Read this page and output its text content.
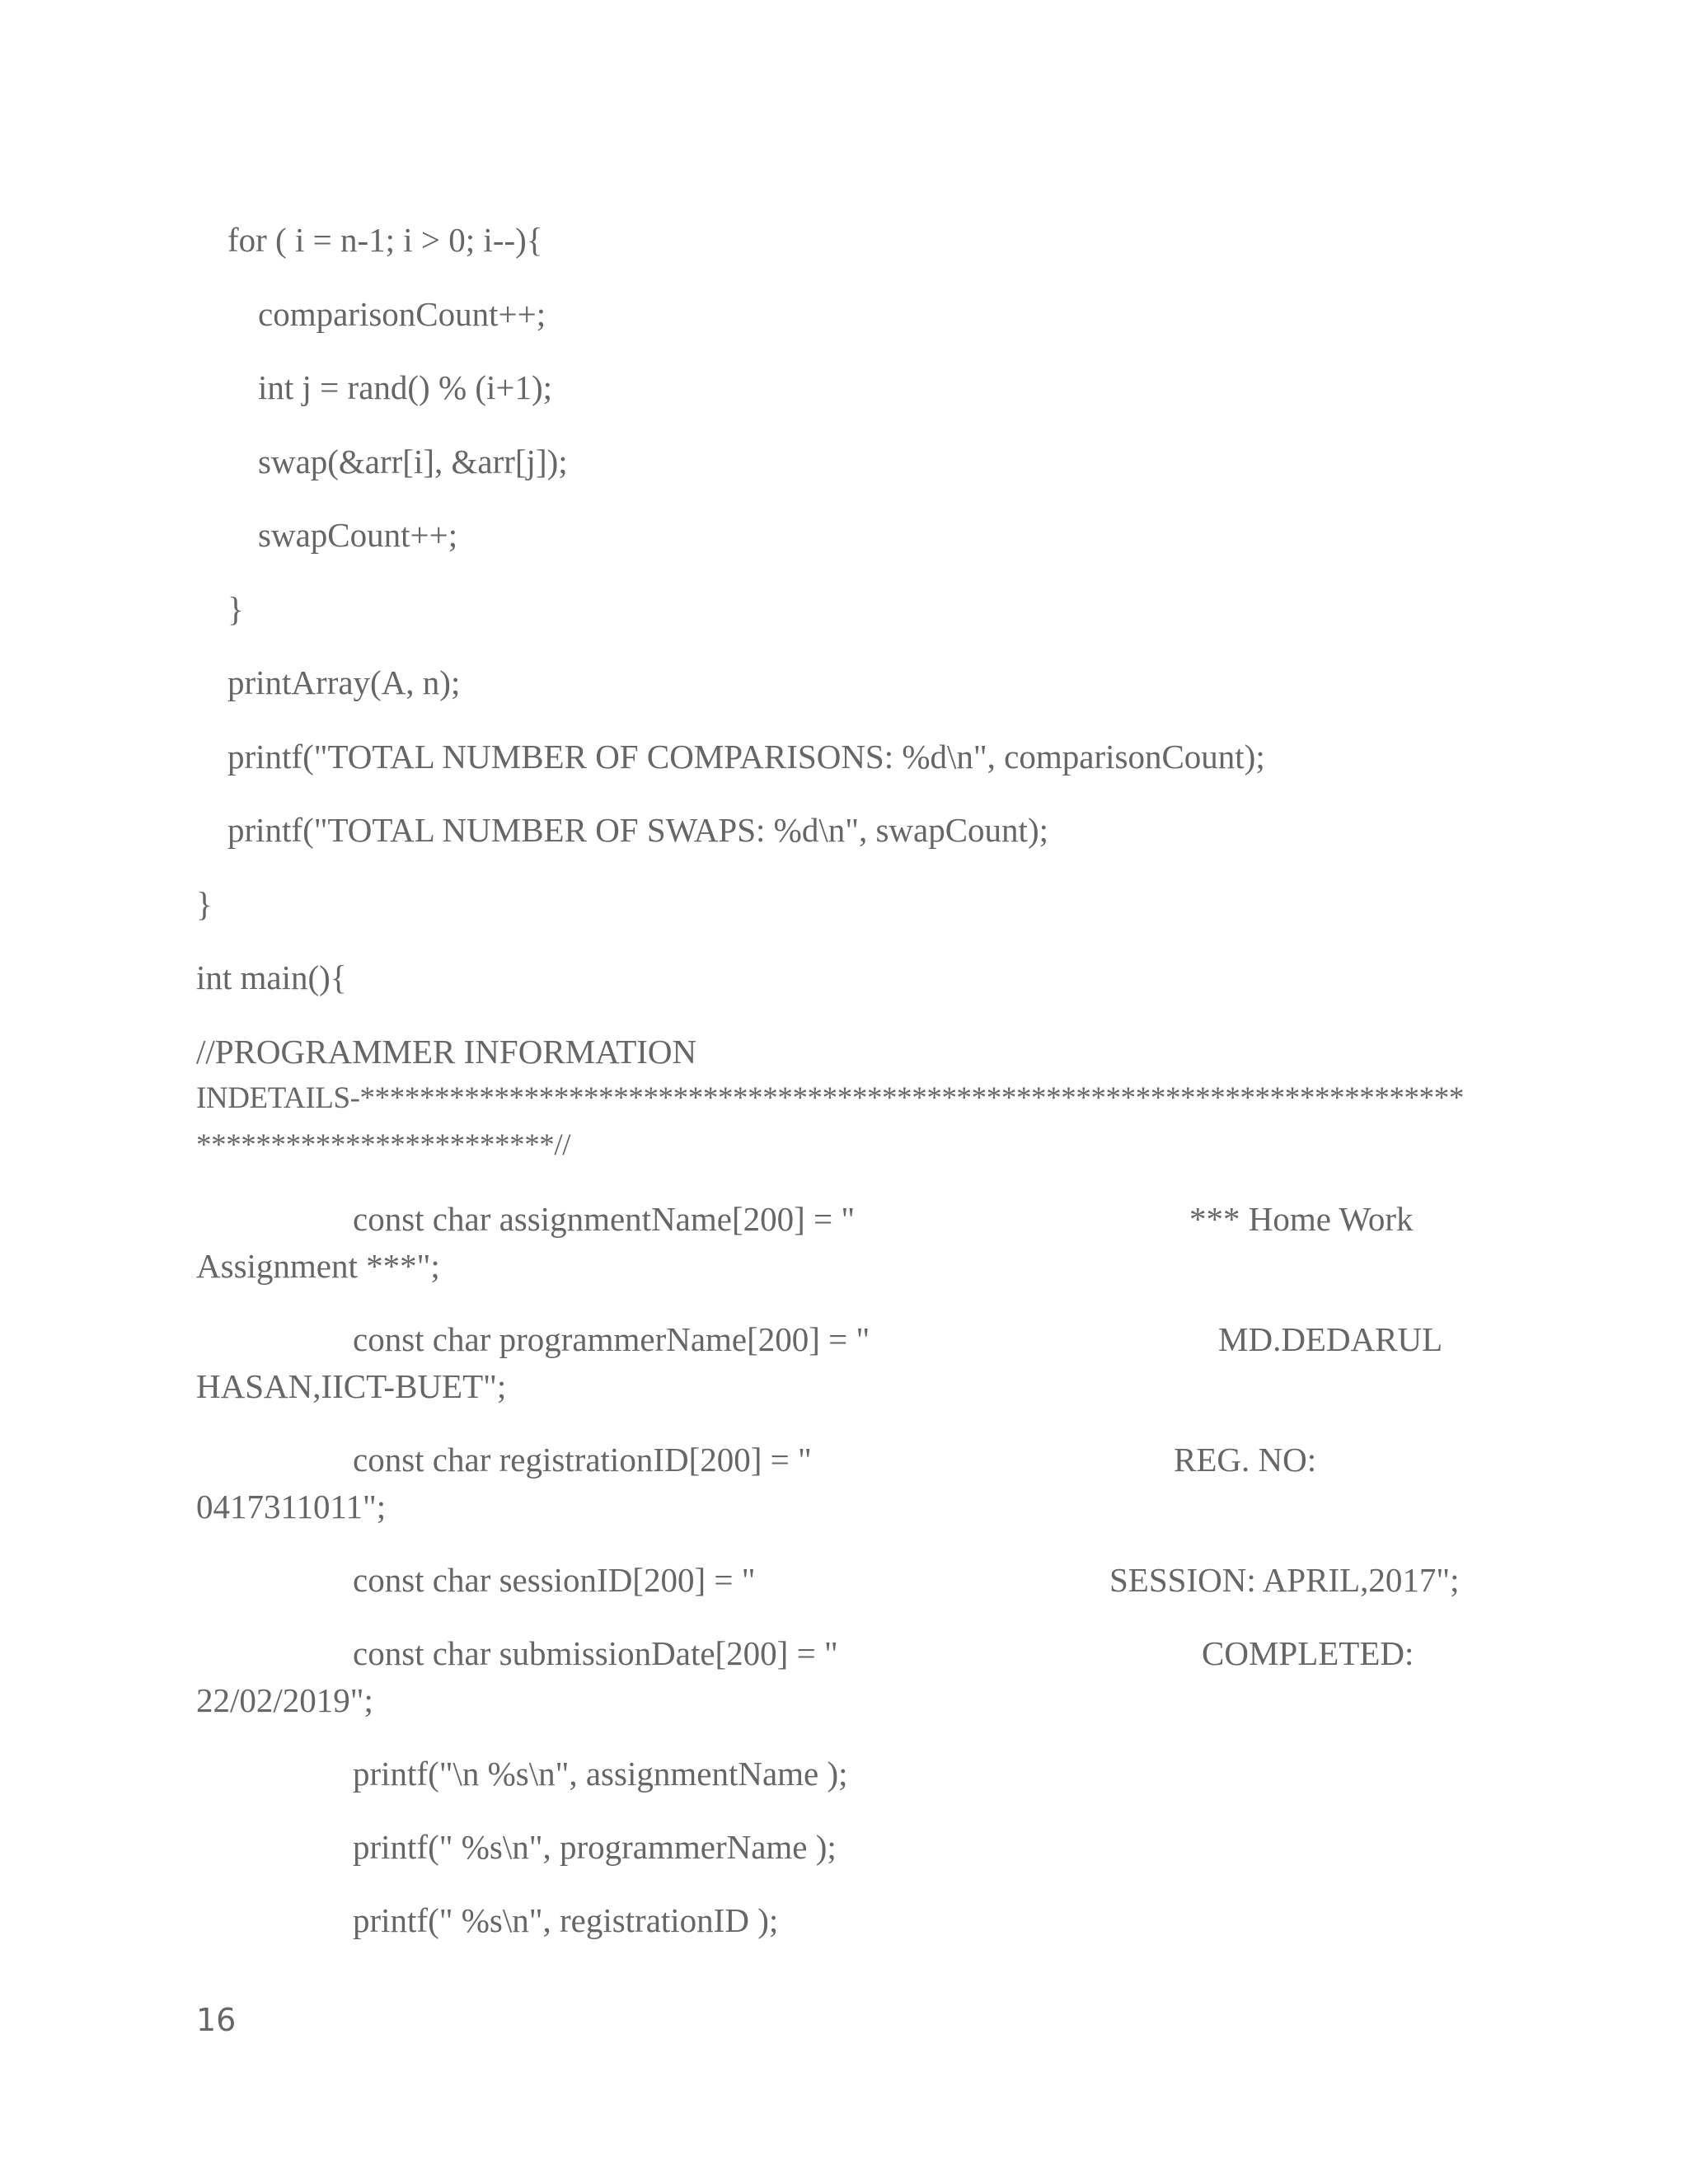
for ( i = n-1; i > 0; i--){

comparisonCount++;

int j = rand() % (i+1);

swap(&arr[i], &arr[j]);

swapCount++;

}

printArray(A, n);

printf("TOTAL NUMBER OF COMPARISONS: %d\n", comparisonCount);

printf("TOTAL NUMBER OF SWAPS: %d\n", swapCount);

}

int main(){

//PROGRAMMER INFORMATION

INDETAILS-**************************************************************************

************************//

const char assignmentName[200] = "	*** Home Work

Assignment ***";

const char programmerName[200] = "	MD.DEDARUL

HASAN,IICT-BUET";

const char registrationID[200] = "	REG. NO:

0417311011";

const char sessionID[200] = "	SESSION: APRIL,2017";

const char submissionDate[200] = "	COMPLETED:

22/02/2019";

printf("\n %s\n", assignmentName );

printf(" %s\n", programmerName );

printf(" %s\n", registrationID );

16
